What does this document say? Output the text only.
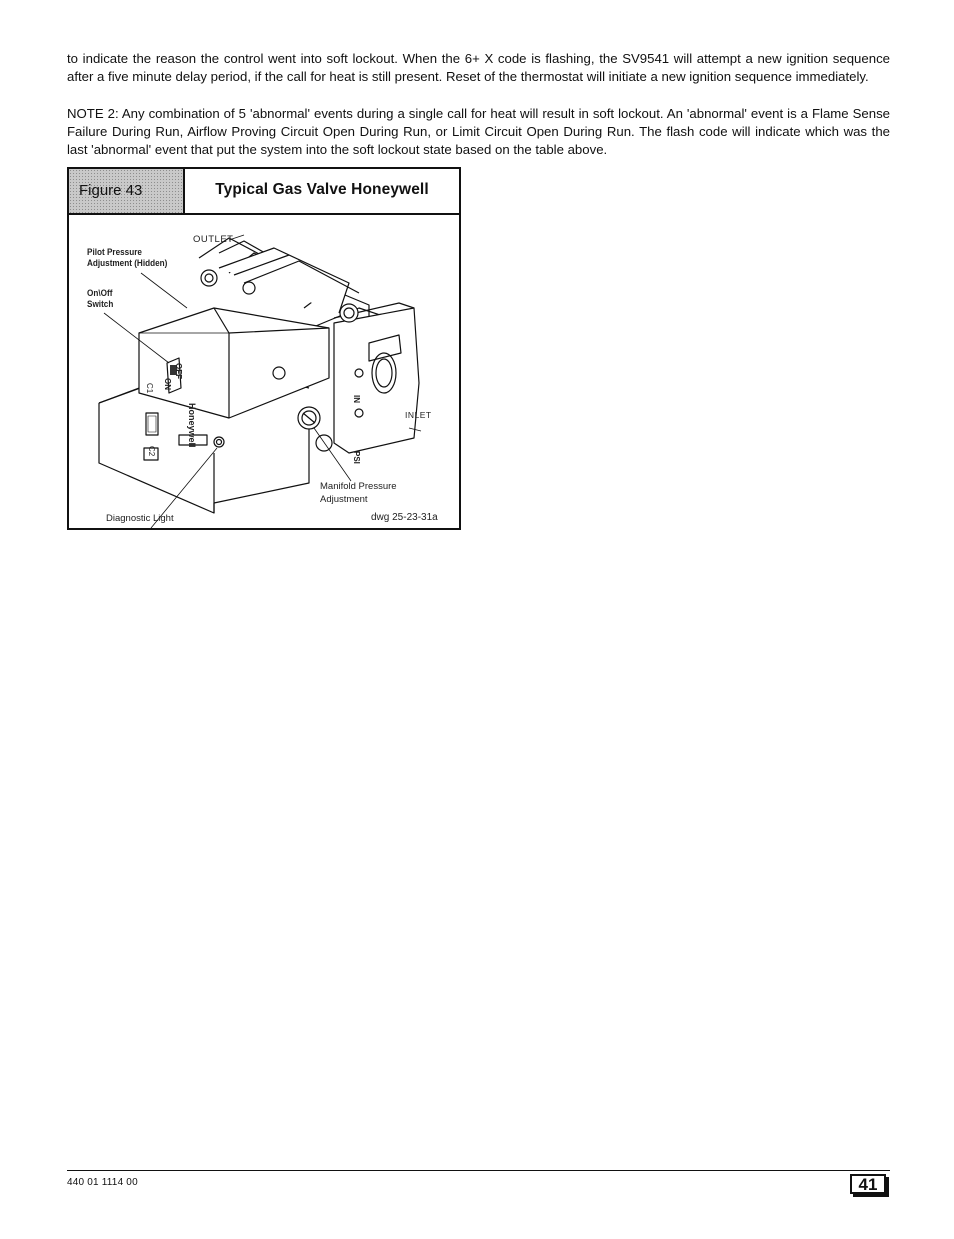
to indicate the reason the control went into soft lockout. When the 6+ X code is flashing, the SV9541 will attempt a new ignition sequence after a five minute delay period, if the call for heat is still present. Reset of the thermostat will initiate a new ignition sequence immediately.

NOTE 2: Any combination of 5 'abnormal' events during a single call for heat will result in soft lockout. An 'abnormal' event is a Flame Sense Failure During Run, Airflow Proving Circuit Open During Run, or Limit Circuit Open During Run. The flash code will indicate which was the last 'abnormal' event that put the system into the soft lockout state based on the table above.

Figure 43	Typical Gas Valve Honeywell
Honeywell
OFF
ON
C1
C2
IN
PSI
OUTLET
Pilot Pressure
Adjustment (Hidden)
On\Off
Switch
INLET
Manifold Pressure
Adjustment
Diagnostic Light	dwg 25-23-31a
440 01 1114 00	41
